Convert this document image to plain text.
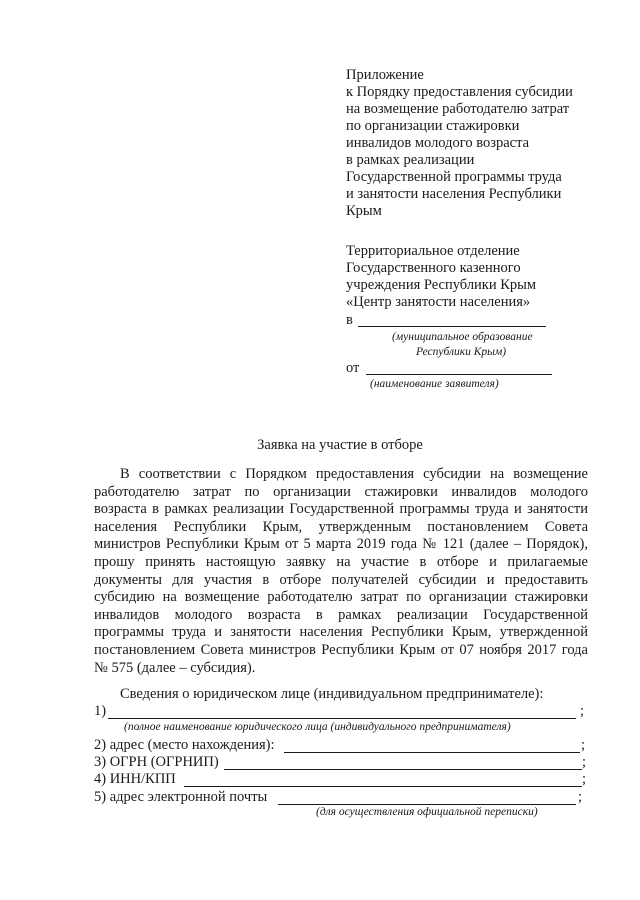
Приложение
к Порядку предоставления субсидии
на возмещение работодателю затрат
по организации стажировки
инвалидов молодого возраста
в рамках реализации
Государственной программы труда
и занятости населения Республики
Крым
Территориальное отделение
Государственного казенного
учреждения Республики Крым
«Центр занятости населения»
в
(муниципальное образование
Республики Крым)
от
(наименование заявителя)
Заявка на участие в отборе
В соответствии с Порядком предоставления субсидии на возмещение
работодателю затрат по организации стажировки инвалидов молодого
возраста в рамках реализации Государственной программы труда и занятости
населения Республики Крым, утвержденным постановлением Совета
министров Республики Крым от 5 марта 2019 года № 121 (далее – Порядок),
прошу принять настоящую заявку на участие в отборе и прилагаемые
документы для участия в отборе получателей субсидии и предоставить
субсидию на возмещение работодателю затрат по организации стажировки
инвалидов молодого возраста в рамках реализации Государственной
программы труда и занятости населения Республики Крым, утвержденной
постановлением Совета министров Республики Крым от 07 ноября 2017 года
№ 575 (далее – субсидия).
Сведения о юридическом лице (индивидуальном предпринимателе):
1)	;
(полное наименование юридического лица (индивидуального предпринимателя)
2) адрес (место нахождения):	;
3) ОГРН (ОГРНИП)	;
4) ИНН/КПП	;
5) адрес электронной почты	;
(для осуществления официальной переписки)
